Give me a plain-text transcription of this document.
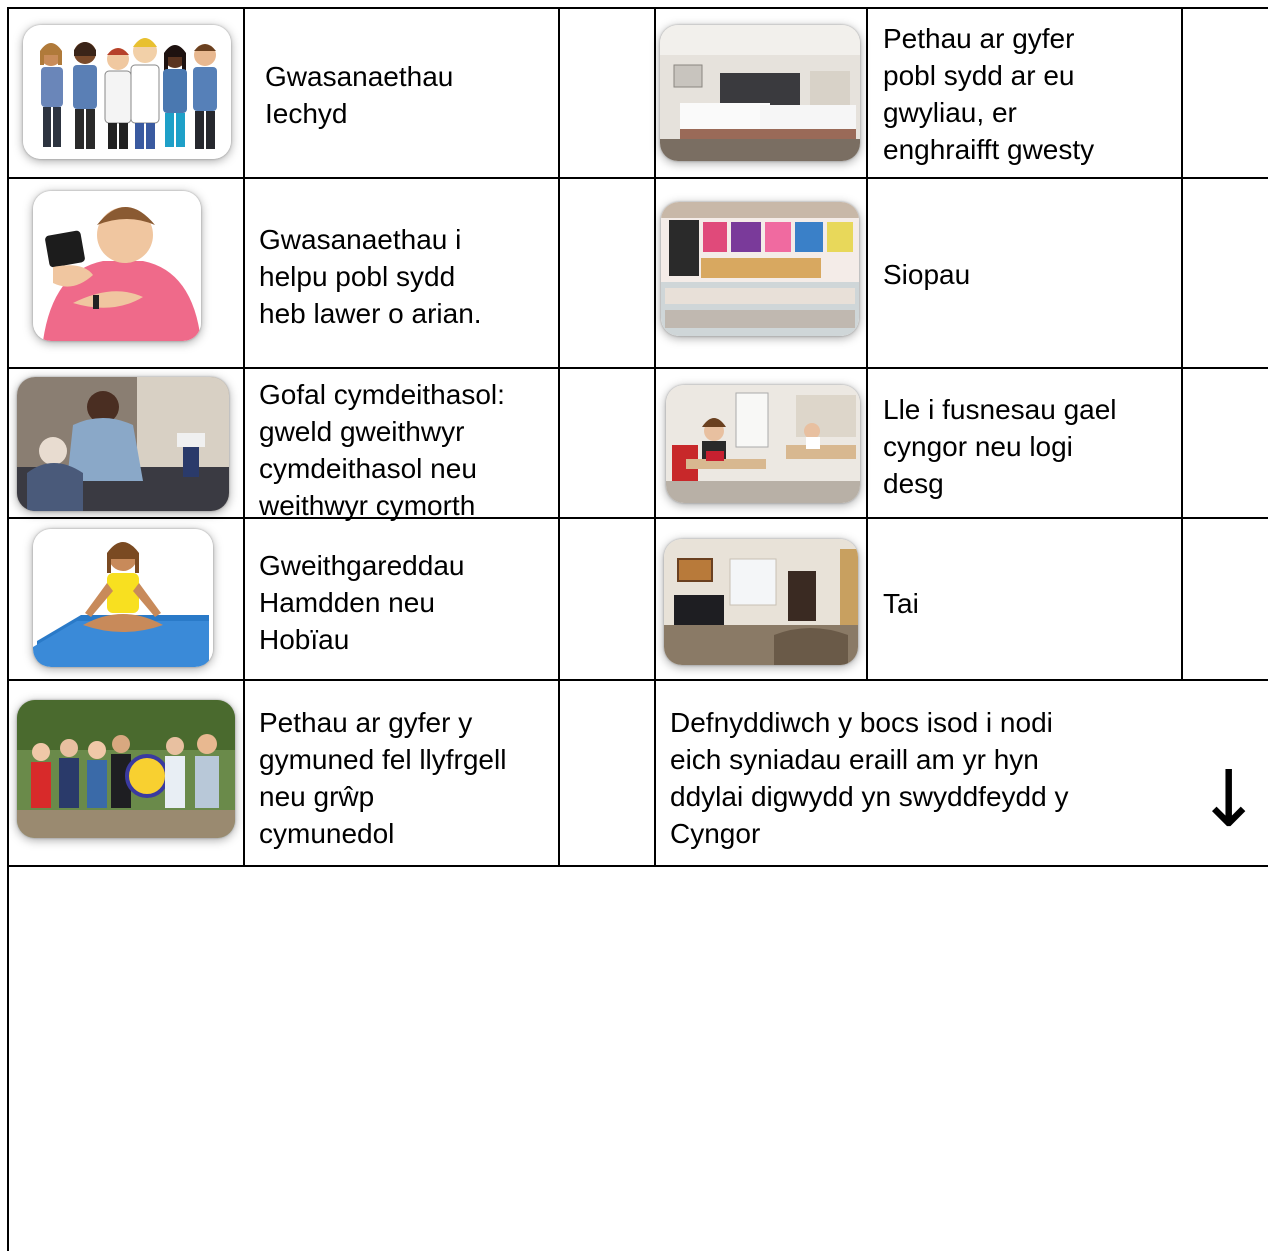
Gwasanaethau
Iechyd
Pethau ar gyfer
pobl sydd ar eu
gwyliau, er
enghraifft gwesty
Gwasanaethau i
helpu pobl sydd
heb lawer o arian.
Siopau
Gofal cymdeithasol:
gweld gweithwyr
cymdeithasol neu
weithwyr cymorth
Lle i fusnesau gael
cyngor neu logi
desg
Gweithgareddau
Hamdden neu
Hobïau
Tai
Pethau ar gyfer y
gymuned fel llyfrgell
neu grŵp
cymunedol
Defnyddiwch y bocs isod i nodi
eich syniadau eraill am yr hyn
ddylai digwydd yn swyddfeydd y
Cyngor	↓
